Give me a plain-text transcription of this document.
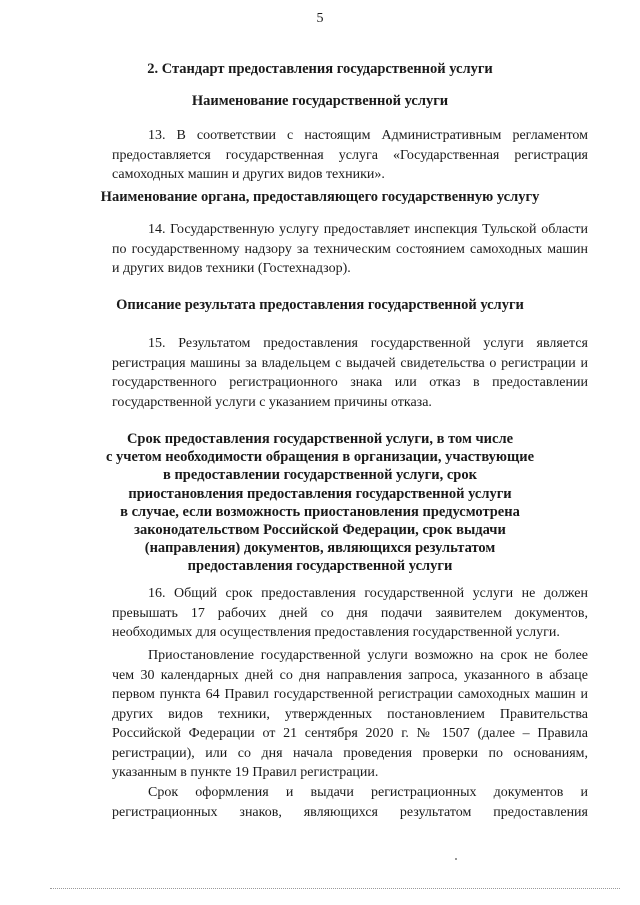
5
2. Стандарт предоставления государственной услуги
Наименование государственной услуги
13. В соответствии с настоящим Административным регламентом
предоставляется государственная услуга «Государственная регистрация
самоходных машин и других видов техники».
Наименование органа, предоставляющего государственную услугу
14. Государственную услугу предоставляет инспекция Тульской области
по государственному надзору за техническим состоянием самоходных машин
и других видов техники (Гостехнадзор).
Описание результата предоставления государственной услуги
15. Результатом предоставления государственной услуги является
регистрация машины за владельцем с выдачей свидетельства о регистрации и
государственного регистрационного знака или отказ в предоставлении
государственной услуги с указанием причины отказа.
Срок предоставления государственной услуги, в том числе
с учетом необходимости обращения в организации, участвующие
в предоставлении государственной услуги, срок
приостановления предоставления государственной услуги
в случае, если возможность приостановления предусмотрена
законодательством Российской Федерации, срок выдачи
(направления) документов, являющихся результатом
предоставления государственной услуги
16. Общий срок предоставления государственной услуги не должен
превышать 17 рабочих дней со дня подачи заявителем документов,
необходимых для осуществления предоставления государственной услуги.
Приостановление государственной услуги возможно на срок не более
чем 30 календарных дней со дня направления запроса, указанного в абзаце
первом пункта 64 Правил государственной регистрации самоходных машин и
других видов техники, утвержденных постановлением Правительства
Российской Федерации от 21 сентября 2020 г. № 1507 (далее – Правила
регистрации), или со дня начала проведения проверки по основаниям,
указанным в пункте 19 Правил регистрации.
Срок оформления и выдачи регистрационных документов и
регистрационных знаков, являющихся результатом предоставления
